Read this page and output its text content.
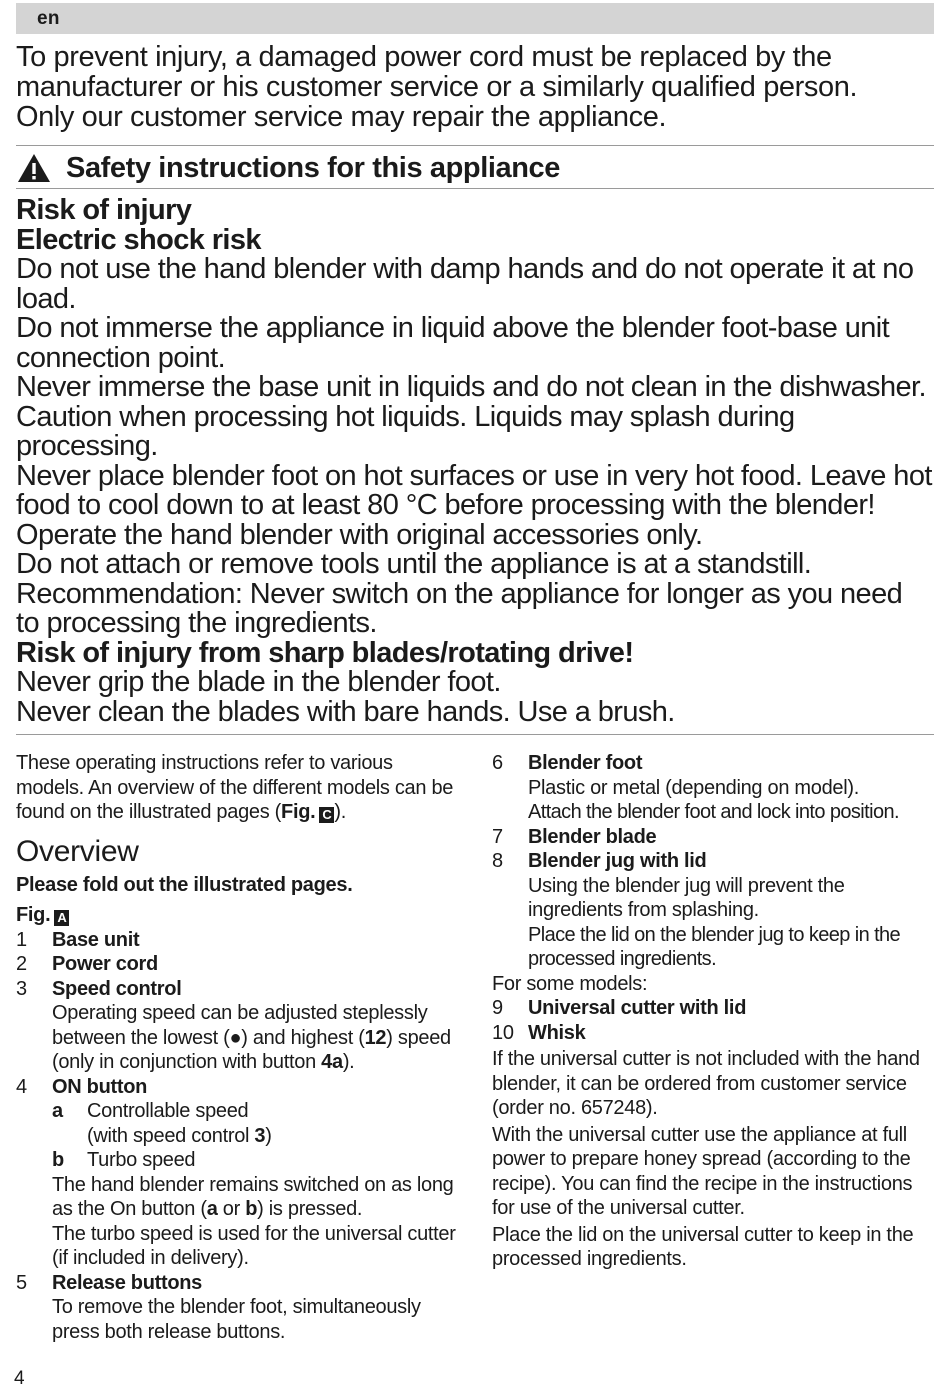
en
To prevent injury, a damaged power cord must be replaced by the
manufacturer or his customer service or a similarly qualified person.
Only our customer service may repair the appliance.
Safety instructions for this appliance
Risk of injury
Electric shock risk
Do not use the hand blender with damp hands and do not operate it at no
load.
Do not immerse the appliance in liquid above the blender foot-base unit
connection point.
Never immerse the base unit in liquids and do not clean in the dishwasher.
Caution when processing hot liquids. Liquids may splash during
processing.
Never place blender foot on hot surfaces or use in very hot food. Leave hot
food to cool down to at least 80 °C before processing with the blender!
Operate the hand blender with original accessories only.
Do not attach or remove tools until the appliance is at a standstill.
Recommendation: Never switch on the appliance for longer as you need
to processing the ingredients.
Risk of injury from sharp blades/rotating drive!
Never grip the blade in the blender foot.
Never clean the blades with bare hands. Use a brush.

These operating instructions refer to various models. An overview of the different models can be found on the illustrated pages (Fig. C ).

Overview
Please fold out the illustrated pages.
Fig. A
1	Base unit
2	Power cord
3	Speed control
Operating speed can be adjusted steplessly between the lowest (●) and highest (12) speed (only in conjunction with button 4a).
4	ON button
a	Controllable speed
(with speed control 3)
b	Turbo speed
The hand blender remains switched on as long as the On button (a or b) is pressed.
The turbo speed is used for the universal cutter (if included in delivery).
5	Release buttons
To remove the blender foot, simultaneously press both release buttons.
6	Blender foot
Plastic or metal (depending on model).
Attach the blender foot and lock into position.
7	Blender blade
8	Blender jug with lid
Using the blender jug will prevent the ingredients from splashing.
Place the lid on the blender jug to keep in the processed ingredients.
For some models:
9	Universal cutter with lid
10 Whisk
If the universal cutter is not included with the hand blender, it can be ordered from customer service (order no. 657248).
With the universal cutter use the appliance at full power to prepare honey spread (according to the recipe). You can find the recipe in the instructions for use of the universal cutter.
Place the lid on the universal cutter to keep in the processed ingredients.
4
